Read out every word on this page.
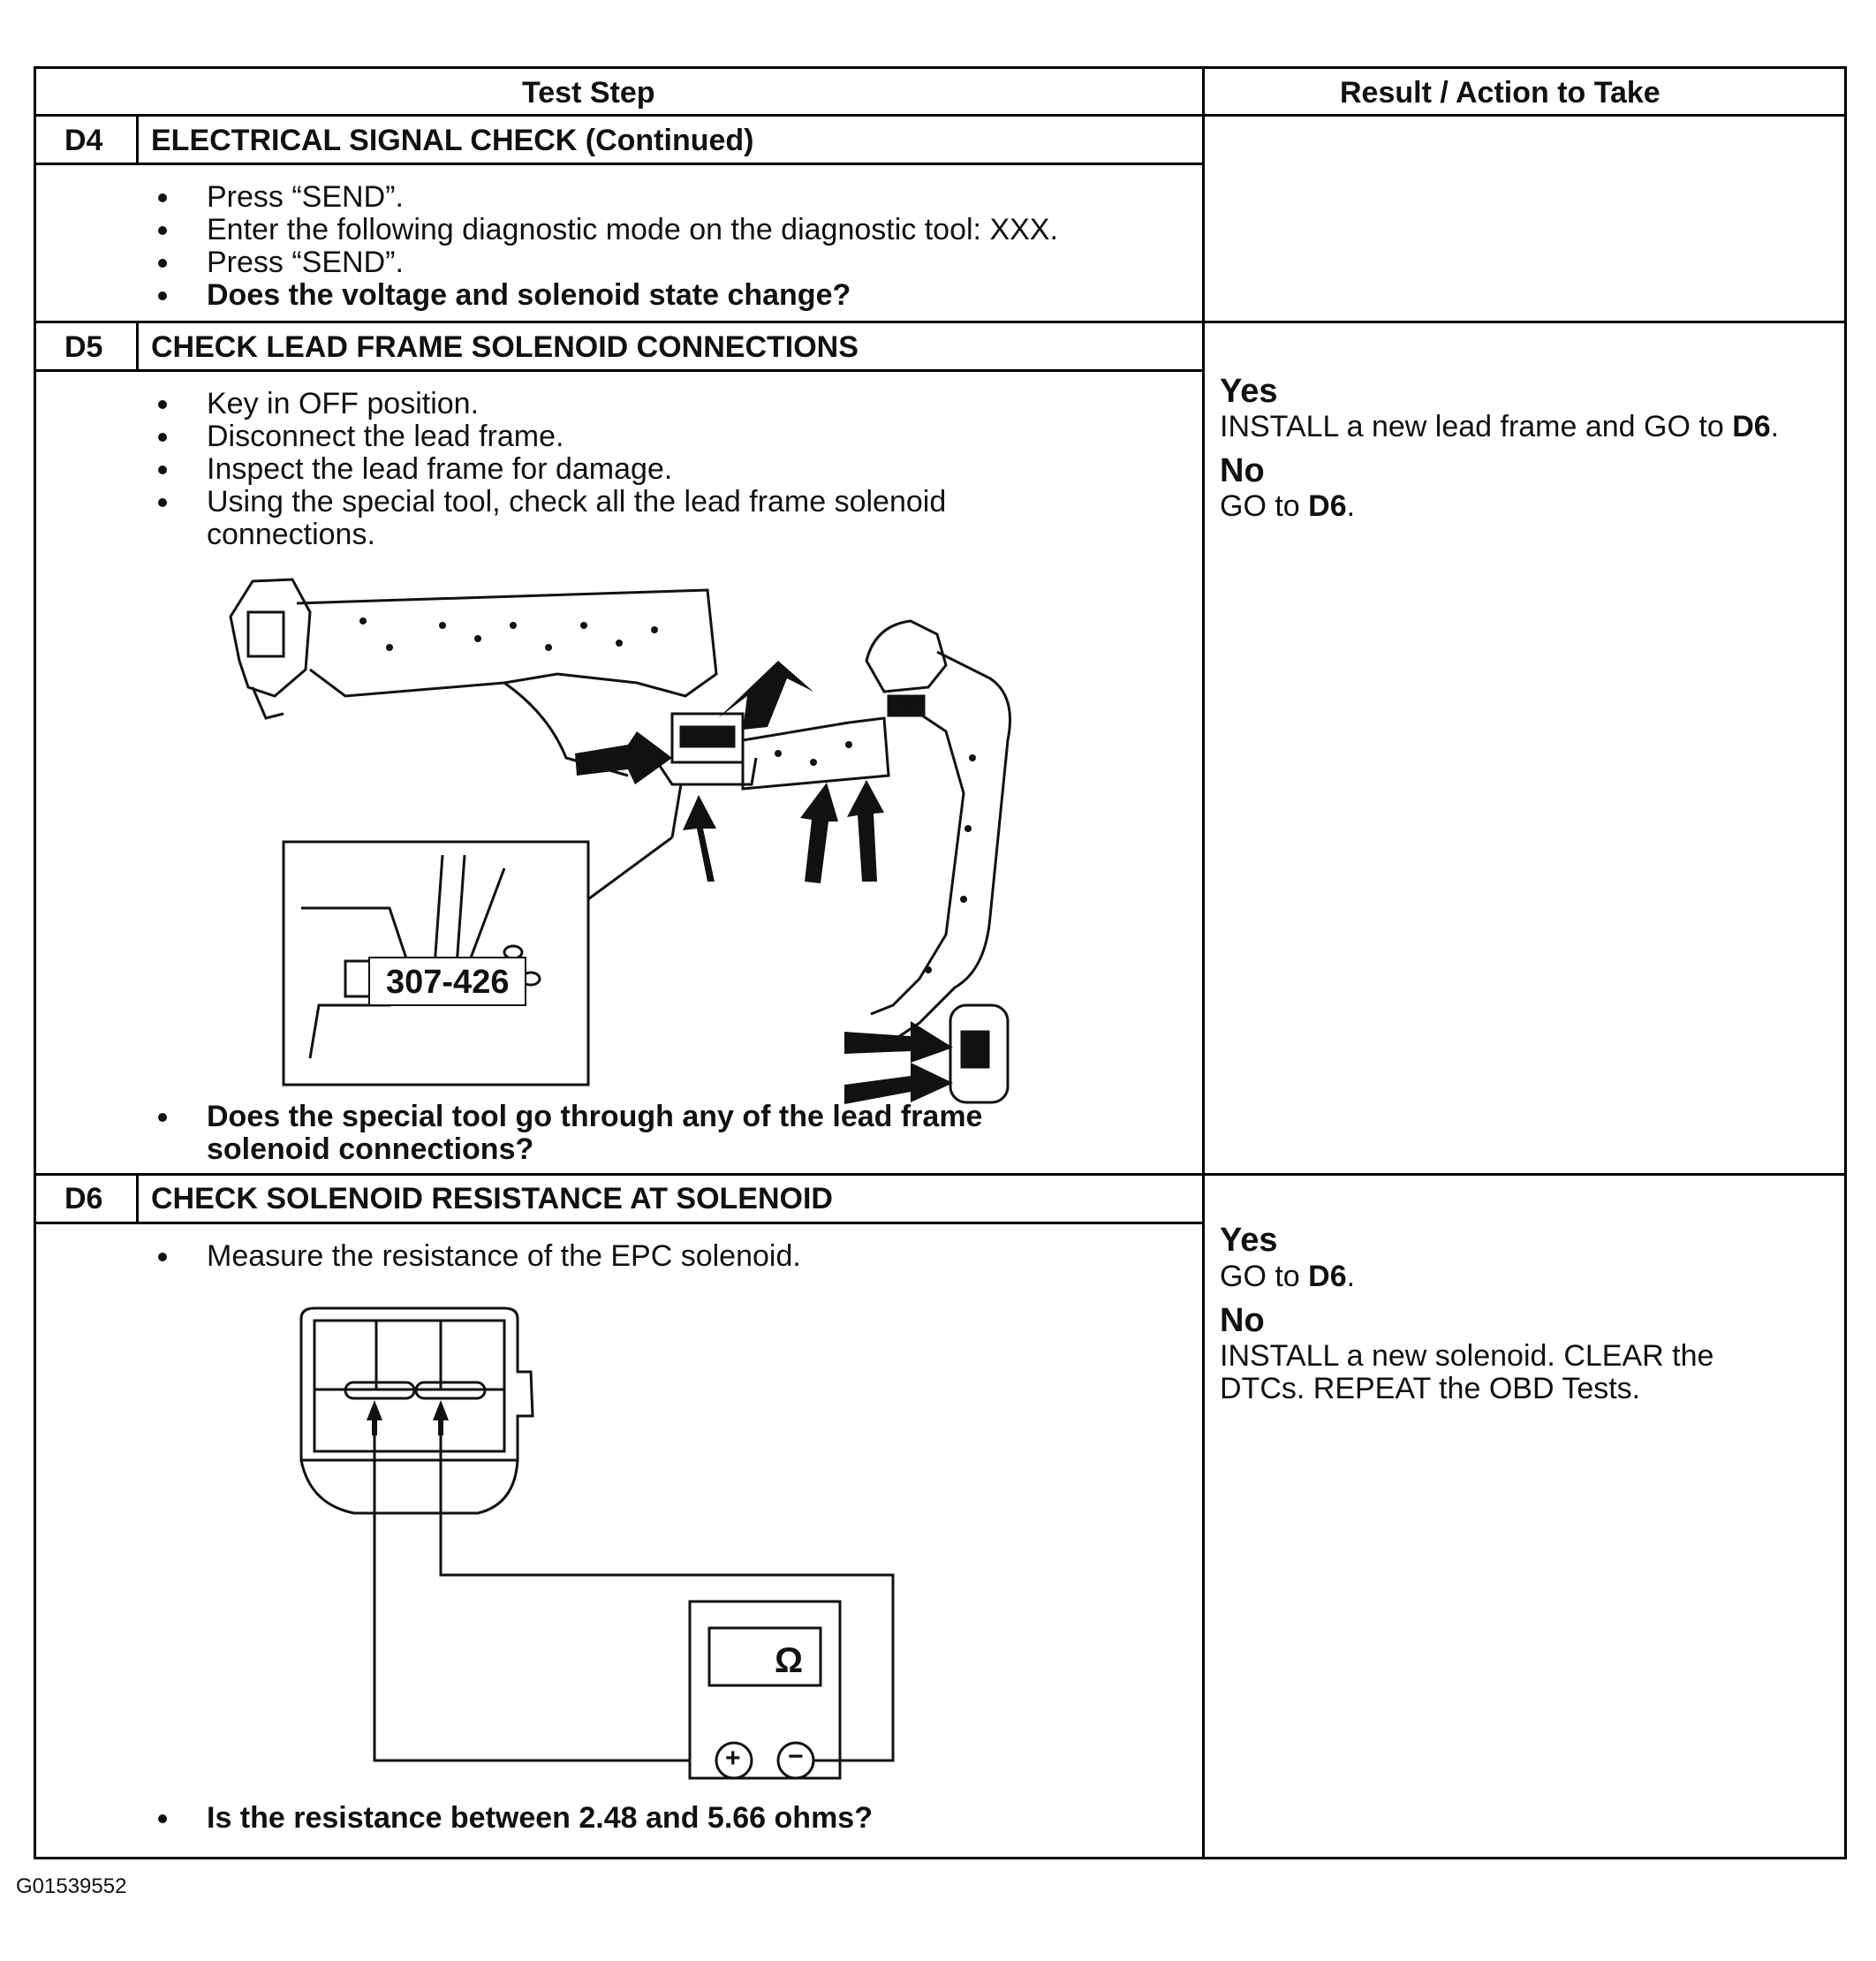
Test Step	Result / Action to Take
D4 ELECTRICAL SIGNAL CHECK (Continued)
Press “SEND”.
Enter the following diagnostic mode on the diagnostic tool: XXX.
Press “SEND”.
Does the voltage and solenoid state change?
D5 CHECK LEAD FRAME SOLENOID CONNECTIONS
Key in OFF position.
Disconnect the lead frame.
Inspect the lead frame for damage.
Using the special tool, check all the lead frame solenoid
connections.
307-426
Does the special tool go through any of the lead frame
solenoid connections?
Yes
INSTALL a new lead frame and GO to D6.
No
GO to D6.
D6 CHECK SOLENOID RESISTANCE AT SOLENOID
Measure the resistance of the EPC solenoid.
Ω
+ −
Is the resistance between 2.48 and 5.66 ohms?
Yes
GO to D6.
No
INSTALL a new solenoid. CLEAR the
DTCs. REPEAT the OBD Tests.
G01539552
